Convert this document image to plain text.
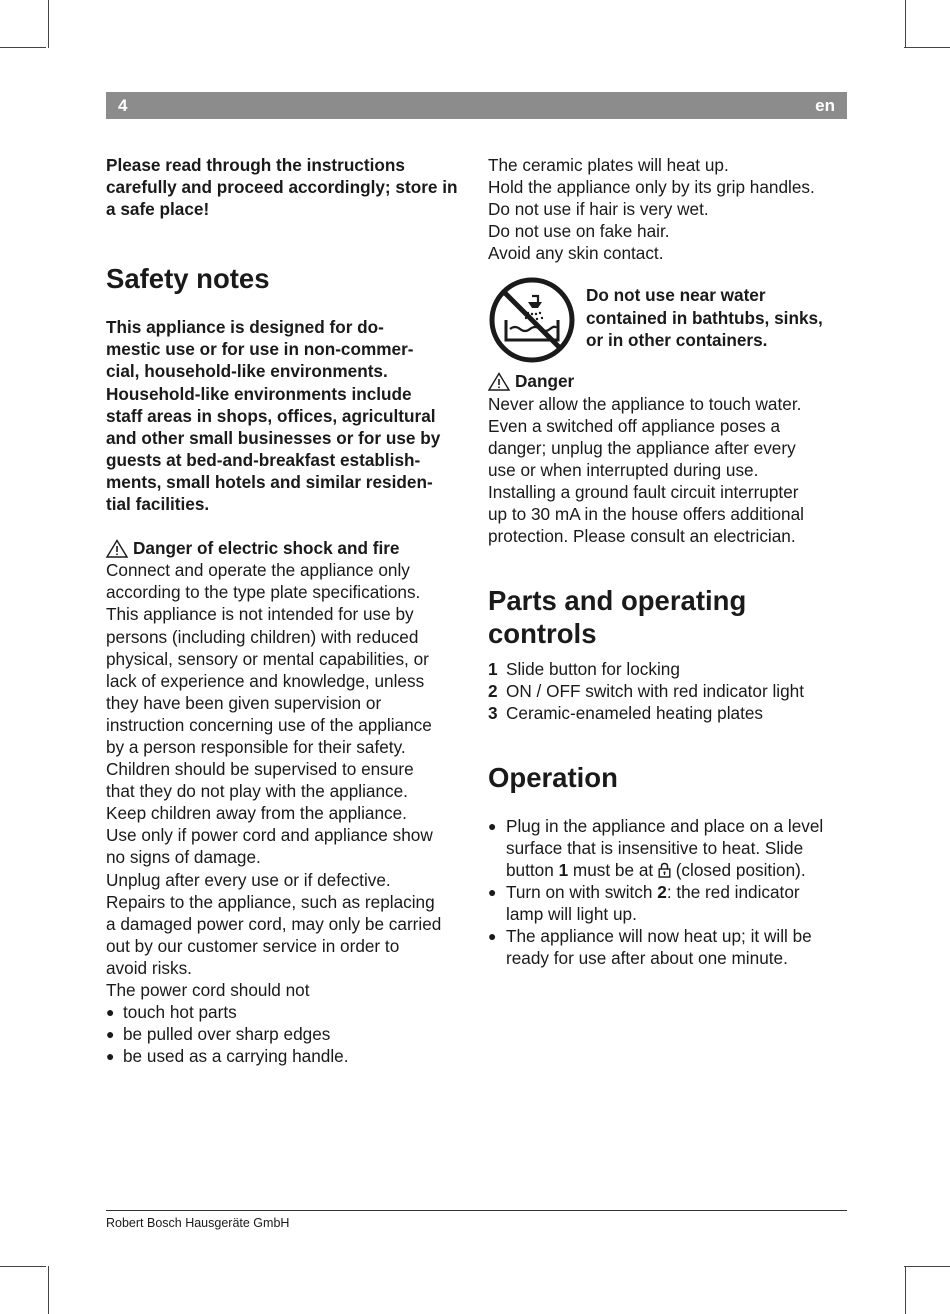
4	en

Please read through the instructions carefully and proceed accordingly; store in a safe place!

Safety notes
This appliance is designed for do-
mestic use or for use in non-commer-
cial, household-like environments.
Household-like environments include
staff areas in shops, offices, agricultural
and other small businesses or for use by
guests at bed-and-breakfast establish-
ments, small hotels and similar residen-
tial facilities.
Danger of electric shock and fire
Connect and operate the appliance only
according to the type plate specifications.
This appliance is not intended for use by
persons (including children) with reduced
physical, sensory or mental capabilities, or
lack of experience and knowledge, unless
they have been given supervision or
instruction concerning use of the appliance
by a person responsible for their safety.
Children should be supervised to ensure
that they do not play with the appliance.
Keep children away from the appliance.
Use only if power cord and appliance show
no signs of damage.
Unplug after every use or if defective.
Repairs to the appliance, such as replacing
a damaged power cord, may only be carried
out by our customer service in order to
avoid risks.
The power cord should not
● touch hot parts
● be pulled over sharp edges
● be used as a carrying handle.
The ceramic plates will heat up.
Hold the appliance only by its grip handles.
Do not use if hair is very wet.
Do not use on fake hair.
Avoid any skin contact.
Do not use near water
contained in bathtubs, sinks,
or in other containers.
Danger
Never allow the appliance to touch water.
Even a switched off appliance poses a
danger; unplug the appliance after every
use or when interrupted during use.
Installing a ground fault circuit interrupter
up to 30 mA in the house offers additional
protection. Please consult an electrician.
Parts and operating
controls
1 Slide button for locking
2 ON / OFF switch with red indicator light
3 Ceramic-enameled heating plates
Operation
● Plug in the appliance and place on a level
surface that is insensitive to heat. Slide
button 1 must be at  (closed position).
● Turn on with switch 2: the red indicator
lamp will light up.
● The appliance will now heat up; it will be
ready for use after about one minute.
Robert Bosch Hausgeräte GmbH
